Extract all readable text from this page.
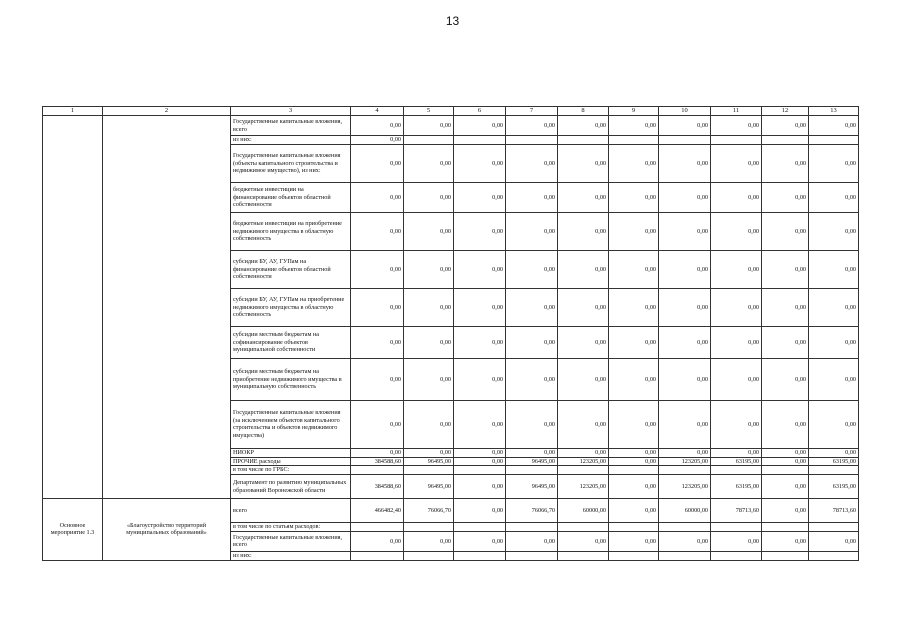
13
1	2	3	4	5	6	7	8	9	10	11	12	13
		Государственные капитальные вложения, всего	0,00	0,00	0,00	0,00	0,00	0,00	0,00	0,00	0,00	0,00
		из них:	0,00									
		Государственные капитальные вложения (объекты капитального строительства и недвижимое имущество), из них:	0,00	0,00	0,00	0,00	0,00	0,00	0,00	0,00	0,00	0,00
		бюджетные инвестиции на финансирование объектов областной собственности	0,00	0,00	0,00	0,00	0,00	0,00	0,00	0,00	0,00	0,00
		бюджетные инвестиции на приобретение недвижимого имущества в областную собственность	0,00	0,00	0,00	0,00	0,00	0,00	0,00	0,00	0,00	0,00
		субсидии БУ, АУ, ГУПам на финансирование объектов областной собственности	0,00	0,00	0,00	0,00	0,00	0,00	0,00	0,00	0,00	0,00
		субсидии БУ, АУ, ГУПам на приобретение недвижимого имущества в областную собственность	0,00	0,00	0,00	0,00	0,00	0,00	0,00	0,00	0,00	0,00
		субсидии местным бюджетам на софинансирование объектов муниципальной собственности	0,00	0,00	0,00	0,00	0,00	0,00	0,00	0,00	0,00	0,00
		субсидии местным бюджетам на приобретение недвижимого имущества в муниципальную собственность	0,00	0,00	0,00	0,00	0,00	0,00	0,00	0,00	0,00	0,00
		Государственные капитальные вложения (за исключением объектов капитального строительства и объектов недвижимого имущества)	0,00	0,00	0,00	0,00	0,00	0,00	0,00	0,00	0,00	0,00
		НИОКР	0,00	0,00	0,00	0,00	0,00	0,00	0,00	0,00	0,00	0,00
		ПРОЧИЕ расходы	384588,60	96495,00	0,00	96495,00	123205,00	0,00	123205,00	63195,00	0,00	63195,00
		в том числе по ГРБС:										
		Департамент по развитию муниципальных образований Воронежской области	384588,60	96495,00	0,00	96495,00	123205,00	0,00	123205,00	63195,00	0,00	63195,00
Основное мероприятие 1.3	«Благоустройство территорий муниципальных образований»	всего	466482,40	76066,70	0,00	76066,70	60000,00	0,00	60000,00	78713,60	0,00	78713,60
		в том числе по статьям расходов:										
		Государственные капитальные вложения, всего	0,00	0,00	0,00	0,00	0,00	0,00	0,00	0,00	0,00	0,00
		из них:										
